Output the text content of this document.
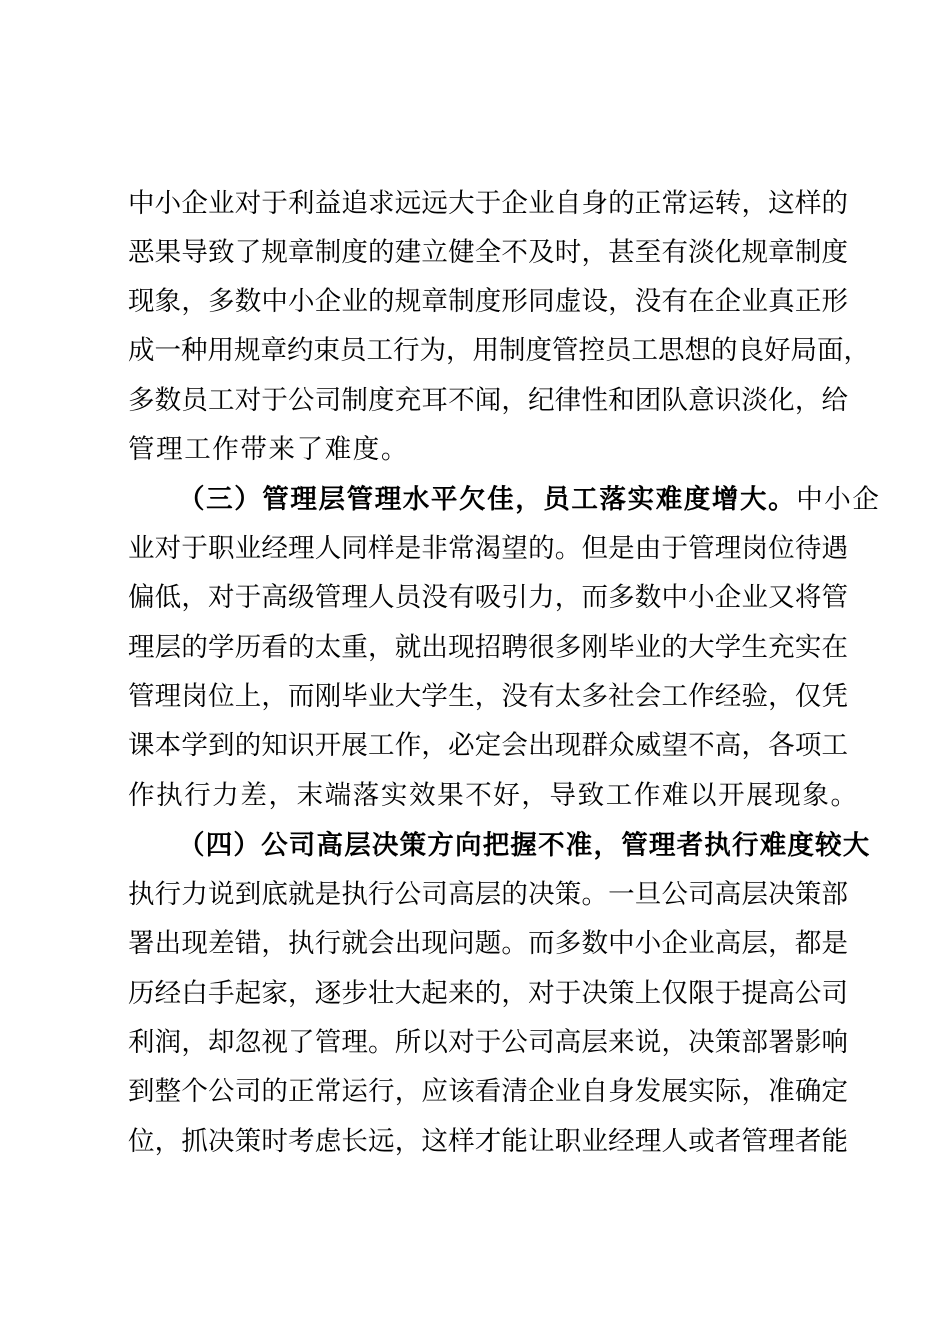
中小企业对于利益追求远远大于企业自身的正常运转，这样的
恶果导致了规章制度的建立健全不及时，甚至有淡化规章制度
现象，多数中小企业的规章制度形同虚设，没有在企业真正形
成一种用规章约束员工行为，用制度管控员工思想的良好局面，
多数员工对于公司制度充耳不闻，纪律性和团队意识淡化，给
管理工作带来了难度。
（三）管理层管理水平欠佳，员工落实难度增大。中小企
业对于职业经理人同样是非常渴望的。但是由于管理岗位待遇
偏低，对于高级管理人员没有吸引力，而多数中小企业又将管
理层的学历看的太重，就出现招聘很多刚毕业的大学生充实在
管理岗位上，而刚毕业大学生，没有太多社会工作经验，仅凭
课本学到的知识开展工作，必定会出现群众威望不高，各项工
作执行力差，末端落实效果不好，导致工作难以开展现象。
（四）公司高层决策方向把握不准，管理者执行难度较大
执行力说到底就是执行公司高层的决策。一旦公司高层决策部
署出现差错，执行就会出现问题。而多数中小企业高层，都是
历经白手起家，逐步壮大起来的，对于决策上仅限于提高公司
利润，却忽视了管理。所以对于公司高层来说，决策部署影响
到整个公司的正常运行，应该看清企业自身发展实际，准确定
位，抓决策时考虑长远，这样才能让职业经理人或者管理者能
